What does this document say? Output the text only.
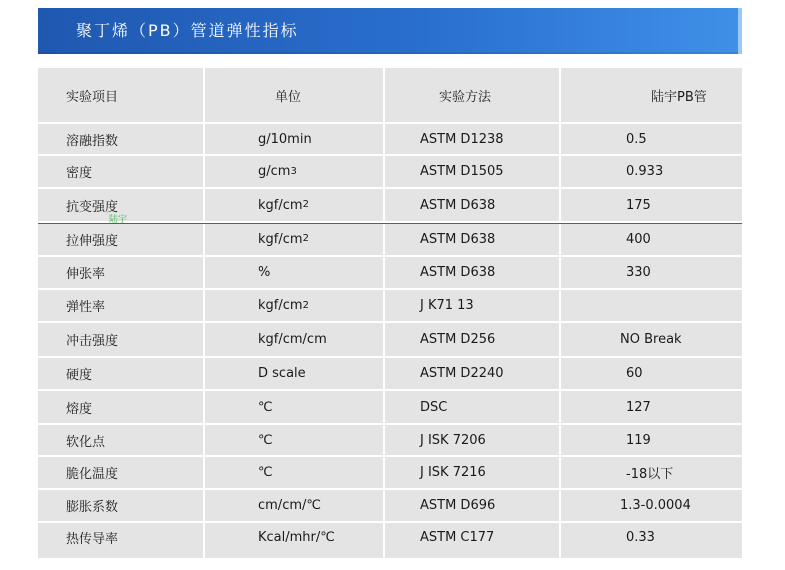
聚丁烯（PB）管道弹性指标
实验项目	单位	实验方法	陆宇PB管
溶融指数	g/10min	ASTM D1238	0.5
密度	g/cm 3	ASTM D1505	0.933
抗变强度	kgf/cm 2	ASTM D638	175
拉伸强度	kgf/cm 2	ASTM D638	400
伸张率	%	ASTM D638	330
弹性率	kgf/cm 2	J K71 13
冲击强度	kgf/cm/cm	ASTM D256	NO Break
硬度	D scale	ASTM D2240	60
熔度	℃	DSC	127
软化点	℃	J ISK 7206	119
脆化温度	℃	J ISK 7216	-18以下
膨胀系数	cm/cm/℃	ASTM D696	1.3-0.0004
热传导率	Kcal/mhr/℃	ASTM C177	0.33
陆宇
